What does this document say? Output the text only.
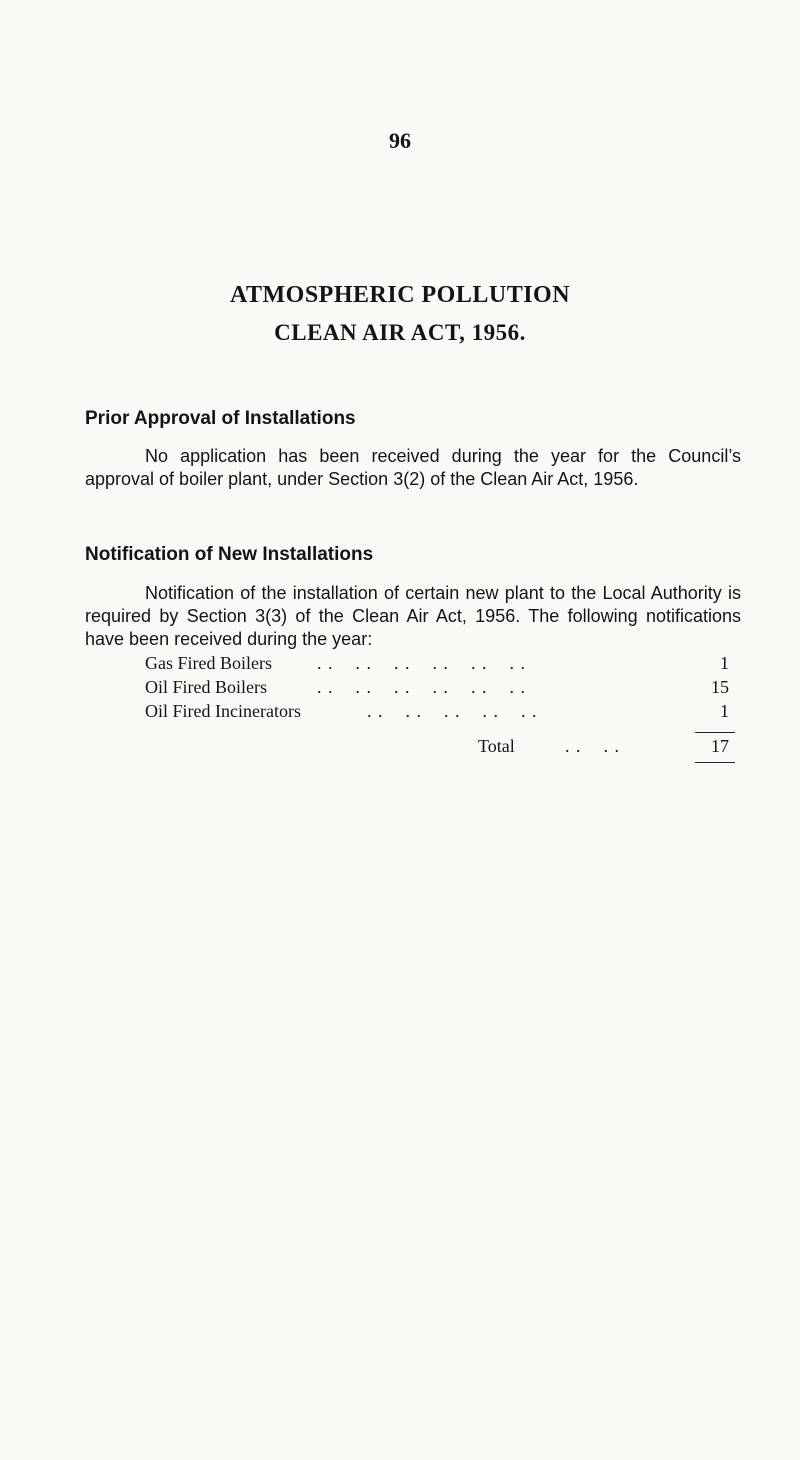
96
ATMOSPHERIC POLLUTION
CLEAN AIR ACT, 1956.
Prior Approval of Installations
No application has been received during the year for the Council’s approval of boiler plant, under Section 3(2) of the Clean Air Act, 1956.
Notification of New Installations
Notification of the installation of certain new plant to the Local Authority is required by Section 3(3) of the Clean Air Act, 1956. The following notifications have been received during the year:
Gas Fired Boilers	. .    . .    . .    . .    . .    . .	1
Oil Fired Boilers	. .    . .    . .    . .    . .    . .	15
Oil Fired Incinerators . .    . .    . .    . .    . .	1
Total	. .    . .	17
